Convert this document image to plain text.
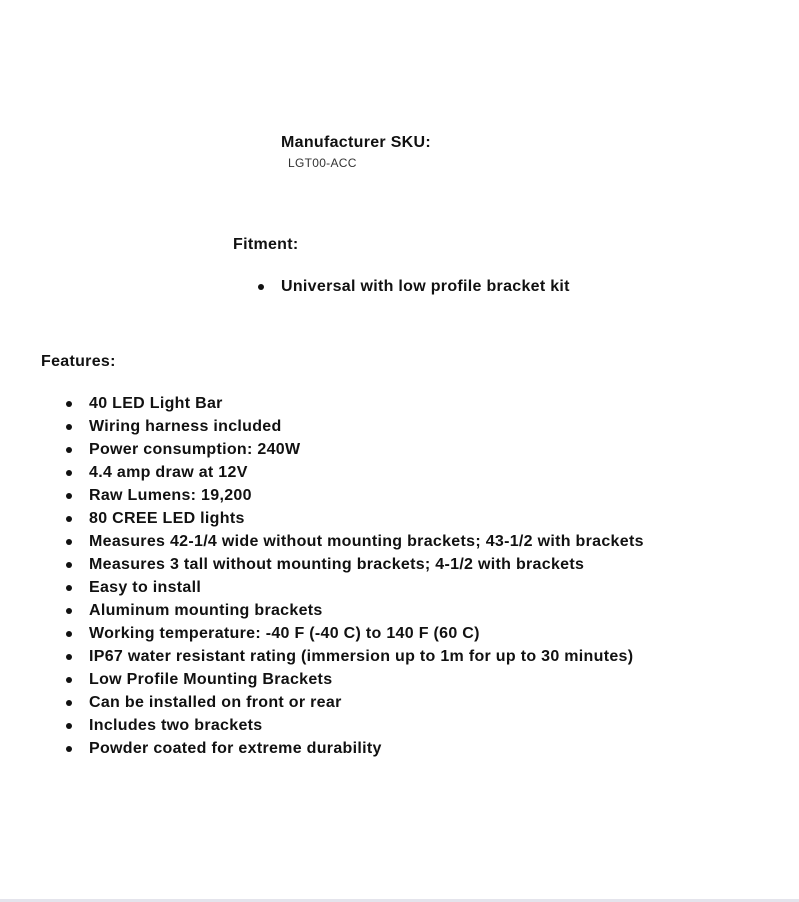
Manufacturer SKU:
LGT00-ACC
Fitment:
Universal with low profile bracket kit
Features:
40 LED Light Bar
Wiring harness included
Power consumption: 240W
4.4 amp draw at 12V
Raw Lumens: 19,200
80 CREE LED lights
Measures 42-1/4 wide without mounting brackets; 43-1/2 with brackets
Measures 3 tall without mounting brackets; 4-1/2 with brackets
Easy to install
Aluminum mounting brackets
Working temperature: -40 F (-40 C) to 140 F (60 C)
IP67 water resistant rating (immersion up to 1m for up to 30 minutes)
Low Profile Mounting Brackets
Can be installed on front or rear
Includes two brackets
Powder coated for extreme durability
